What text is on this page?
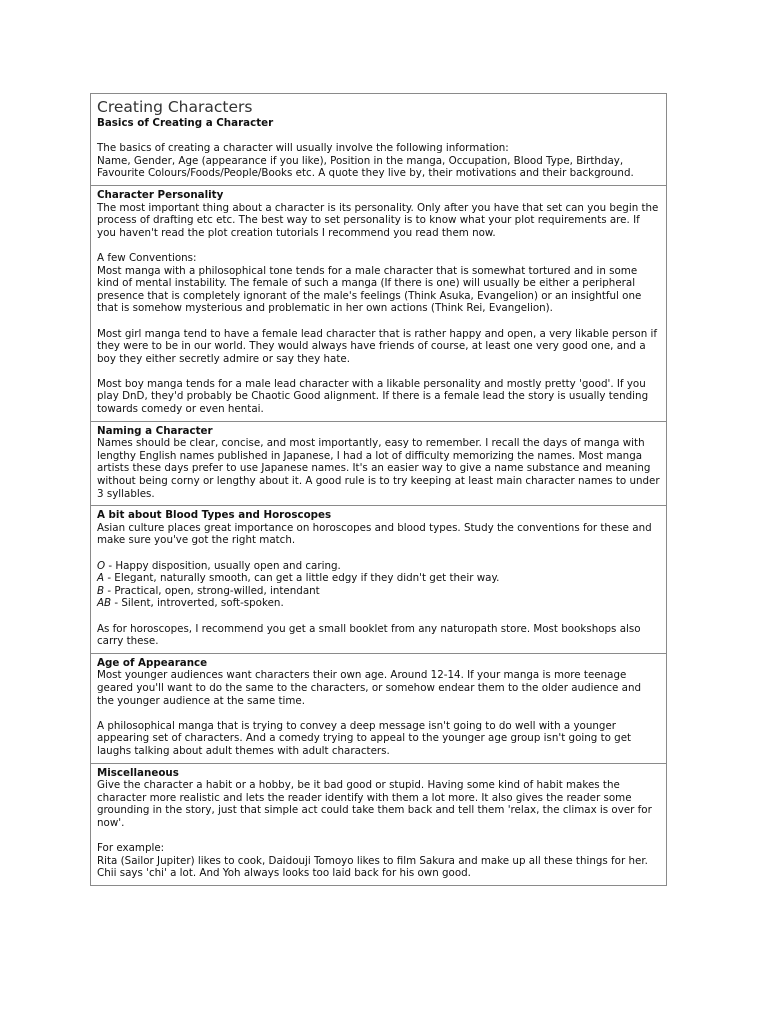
Creating Characters
Basics of Creating a Character
The basics of creating a character will usually involve the following information:
Name, Gender, Age (appearance if you like), Position in the manga, Occupation, Blood Type, Birthday, Favourite Colours/Foods/People/Books etc. A quote they live by, their motivations and their background.
Character Personality

The most important thing about a character is its personality. Only after you have that set can you begin the process of drafting etc etc. The best way to set personality is to know what your plot requirements are. If you haven't read the plot creation tutorials I recommend you read them now.

A few Conventions:

Most manga with a philosophical tone tends for a male character that is somewhat tortured and in some kind of mental instability. The female of such a manga (If there is one) will usually be either a peripheral presence that is completely ignorant of the male's feelings (Think Asuka, Evangelion) or an insightful one that is somehow mysterious and problematic in her own actions (Think Rei, Evangelion).

Most girl manga tend to have a female lead character that is rather happy and open, a very likable person if they were to be in our world. They would always have friends of course, at least one very good one, and a boy they either secretly admire or say they hate.

Most boy manga tends for a male lead character with a likable personality and mostly pretty 'good'. If you play DnD, they'd probably be Chaotic Good alignment. If there is a female lead the story is usually tending towards comedy or even hentai.

Naming a Character

Names should be clear, concise, and most importantly, easy to remember. I recall the days of manga with lengthy English names published in Japanese, I had a lot of difficulty memorizing the names. Most manga artists these days prefer to use Japanese names. It's an easier way to give a name substance and meaning without being corny or lengthy about it. A good rule is to try keeping at least main character names to under 3 syllables.

A bit about Blood Types and Horoscopes

Asian culture places great importance on horoscopes and blood types. Study the conventions for these and make sure you've got the right match.

O - Happy disposition, usually open and caring.
A - Elegant, naturally smooth, can get a little edgy if they didn't get their way.
B - Practical, open, strong-willed, intendant
AB - Silent, introverted, soft-spoken.

As for horoscopes, I recommend you get a small booklet from any naturopath store. Most bookshops also carry these.

Age of Appearance

Most younger audiences want characters their own age. Around 12-14. If your manga is more teenage geared you'll want to do the same to the characters, or somehow endear them to the older audience and the younger audience at the same time.

A philosophical manga that is trying to convey a deep message isn't going to do well with a younger appearing set of characters. And a comedy trying to appeal to the younger age group isn't going to get laughs talking about adult themes with adult characters.

Miscellaneous

Give the character a habit or a hobby, be it bad good or stupid. Having some kind of habit makes the character more realistic and lets the reader identify with them a lot more. It also gives the reader some grounding in the story, just that simple act could take them back and tell them 'relax, the climax is over for now'.

For example:

Rita (Sailor Jupiter) likes to cook, Daidouji Tomoyo likes to film Sakura and make up all these things for her. Chii says 'chi' a lot. And Yoh always looks too laid back for his own good.
